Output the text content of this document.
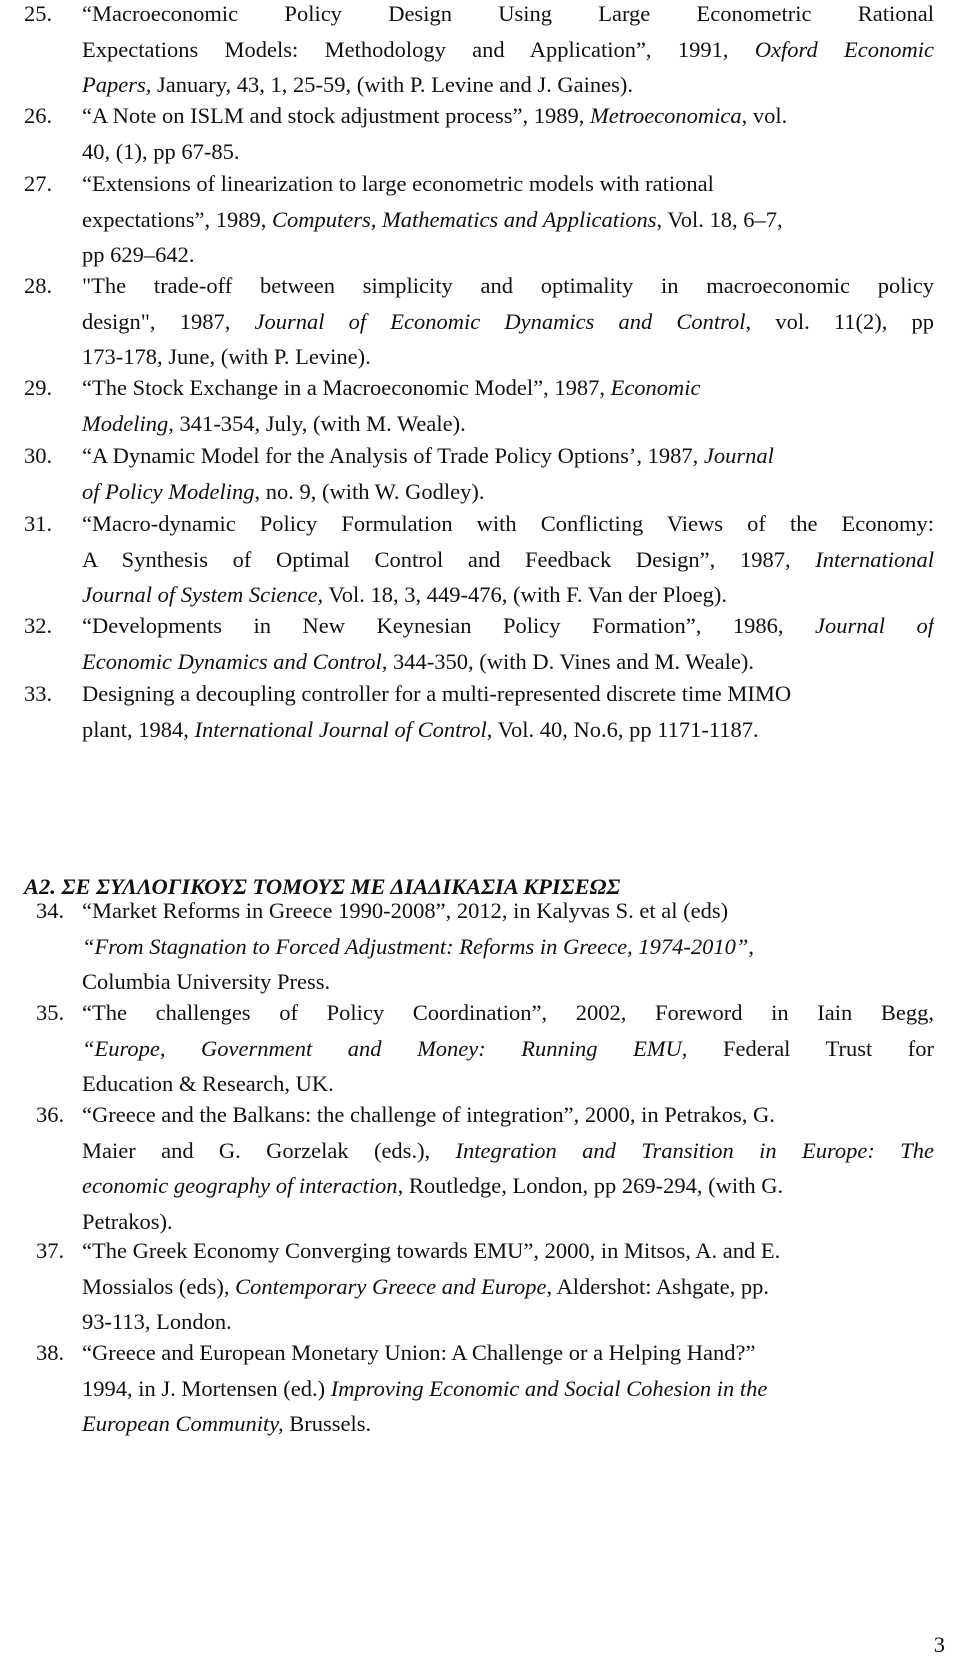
25. “Macroeconomic Policy Design Using Large Econometric Rational
Expectations Models: Methodology and Application”, 1991, Oxford Economic
Papers, January, 43, 1, 25-59, (with P. Levine and J. Gaines).
26. “A Note on ISLM and stock adjustment process”, 1989, Metroeconomica, vol.
40, (1), pp 67-85.
27. “Extensions of linearization to large econometric models with rational
expectations”, 1989, Computers, Mathematics and Applications, Vol. 18, 6–7,
pp 629–642.
28. "The trade-off between simplicity and optimality in macroeconomic policy
design", 1987, Journal of Economic Dynamics and Control, vol. 11(2), pp
173-178, June, (with P. Levine).
29. “The Stock Exchange in a Macroeconomic Model”, 1987, Economic
Modeling, 341-354, July, (with M. Weale).
30. “A Dynamic Model for the Analysis of Trade Policy Options’, 1987, Journal
of Policy Modeling, no. 9, (with W. Godley).
31. “Macro-dynamic Policy Formulation with Conflicting Views of the Economy:
A Synthesis of Optimal Control and Feedback Design”, 1987, International
Journal of System Science, Vol. 18, 3, 449-476, (with F. Van der Ploeg).
32. “Developments in New Keynesian Policy Formation”, 1986, Journal of
Economic Dynamics and Control, 344-350, (with D. Vines and M. Weale).
33. Designing a decoupling controller for a multi-represented discrete time MIMO
plant, 1984, International Journal of Control, Vol. 40, No.6, pp 1171-1187.
34. “Market Reforms in Greece 1990-2008”, 2012, in Kalyvas S. et al (eds)
“From Stagnation to Forced Adjustment: Reforms in Greece, 1974-2010”,
Columbia University Press.
35. “The challenges of Policy Coordination”, 2002, Foreword in Iain Begg,
“Europe, Government and Money: Running EMU, Federal Trust for
Education & Research, UK.
36. “Greece and the Balkans: the challenge of integration”, 2000, in Petrakos, G.
Maier and G. Gorzelak (eds.), Integration and Transition in Europe: The
economic geography of interaction, Routledge, London, pp 269-294, (with G.
Petrakos).
37. “The Greek Economy Converging towards EMU”, 2000, in Mitsos, A. and E.
Mossialos (eds), Contemporary Greece and Europe, Aldershot: Ashgate, pp.
93-113, London.
38. “Greece and European Monetary Union: A Challenge or a Helping Hand?”
1994, in J. Mortensen (ed.) Improving Economic and Social Cohesion in the
European Community, Brussels.
A2. ΣΕ ΣΥΛΛΟΓΙΚΟΥΣ ΤΟΜΟΥΣ ΜΕ ΔΙΑΔΙΚΑΣΙΑ ΚΡΙΣΕΩΣ
3
